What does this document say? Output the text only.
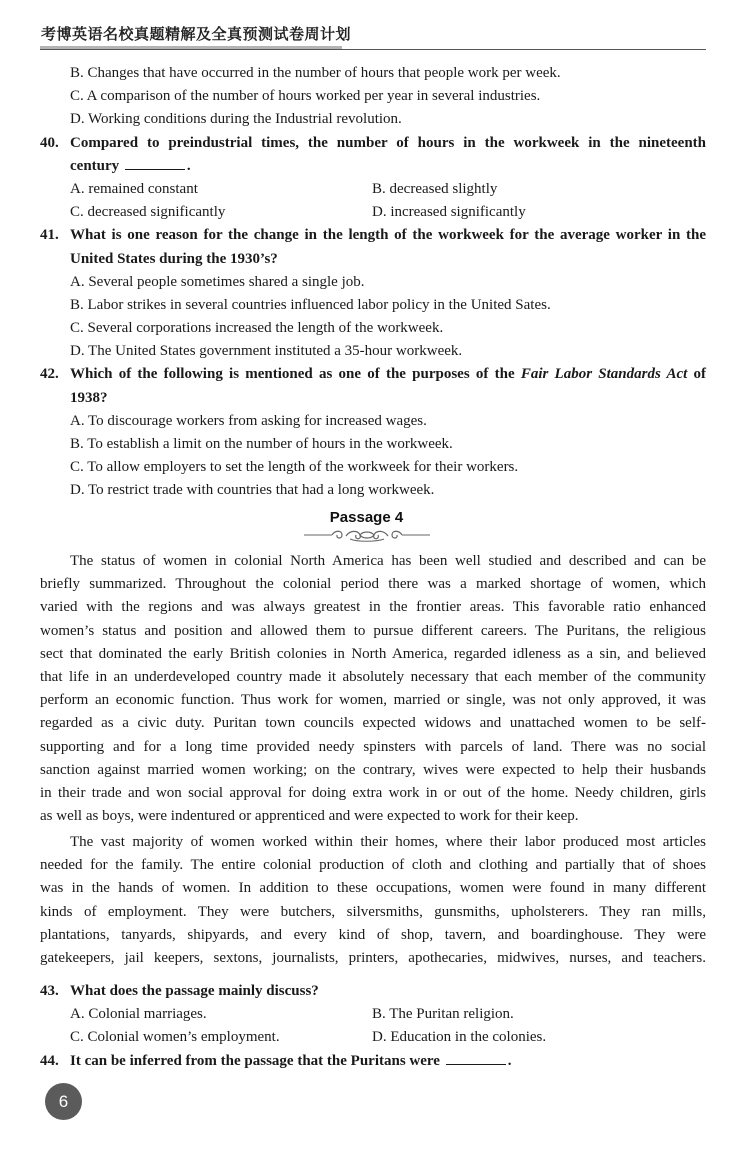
考博英语名校真题精解及全真预测试卷周计划
B. Changes that have occurred in the number of hours that people work per week.
C. A comparison of the number of hours worked per year in several industries.
D. Working conditions during the Industrial revolution.
40. Compared to preindustrial times, the number of hours in the workweek in the nineteenth
century	.
A. remained constant	B. decreased slightly
C. decreased significantly	D. increased significantly
41. What is one reason for the change in the length of the workweek for the average worker in the
United States during the 1930’s?
A. Several people sometimes shared a single job.
B. Labor strikes in several countries influenced labor policy in the United Sates.
C. Several corporations increased the length of the workweek.
D. The United States government instituted a 35-hour workweek.
42. Which of the following is mentioned as one of the purposes of the Fair Labor Standards Act of
1938?
A. To discourage workers from asking for increased wages.
B. To establish a limit on the number of hours in the workweek.
C. To allow employers to set the length of the workweek for their workers.
D. To restrict trade with countries that had a long workweek.
Passage 4
The status of women in colonial North America has been well studied and described and can be
briefly summarized. Throughout the colonial period there was a marked shortage of women, which
varied with the regions and was always greatest in the frontier areas. This favorable ratio enhanced
women’s status and position and allowed them to pursue different careers. The Puritans, the religious
sect that dominated the early British colonies in North America, regarded idleness as a sin, and believed
that life in an underdeveloped country made it absolutely necessary that each member of the community
perform an economic function. Thus work for women, married or single, was not only approved, it was
regarded as a civic duty. Puritan town councils expected widows and unattached women to be self-
supporting and for a long time provided needy spinsters with parcels of land. There was no social
sanction against married women working; on the contrary, wives were expected to help their husbands
in their trade and won social approval for doing extra work in or out of the home. Needy children, girls
as well as boys, were indentured or apprenticed and were expected to work for their keep.
The vast majority of women worked within their homes, where their labor produced most articles
needed for the family. The entire colonial production of cloth and clothing and partially that of shoes
was in the hands of women. In addition to these occupations, women were found in many different
kinds of employment. They were butchers, silversmiths, gunsmiths, upholsterers. They ran mills,
plantations, tanyards, shipyards, and every kind of shop, tavern, and boardinghouse. They were
gatekeepers, jail keepers, sextons, journalists, printers, apothecaries, midwives, nurses, and teachers.
43. What does the passage mainly discuss?
A. Colonial marriages.	B. The Puritan religion.
C. Colonial women’s employment.	D. Education in the colonies.
44. It can be inferred from the passage that the Puritans were	.
6
